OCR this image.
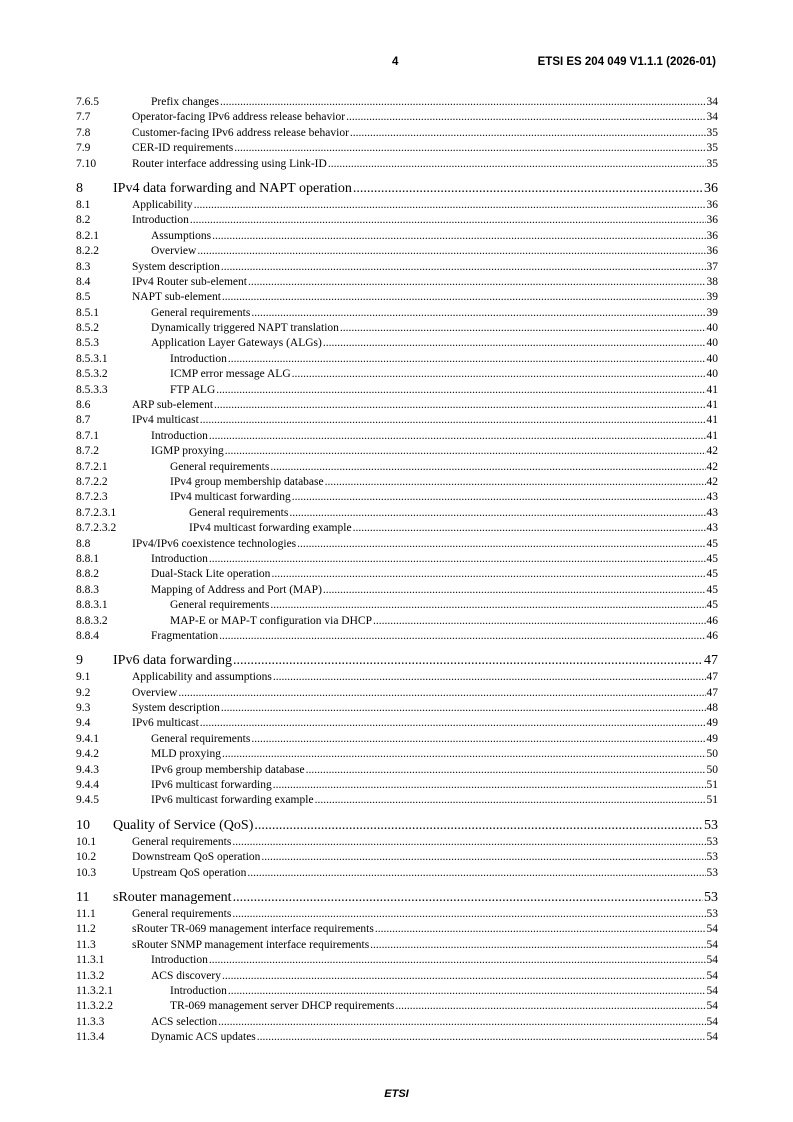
4	ETSI ES 204 049 V1.1.1 (2026-01)
7.6.5	Prefix changes .....	34
7.7	Operator-facing IPv6 address release behavior .....	34
7.8	Customer-facing IPv6 address release behavior .....	35
7.9	CER-ID requirements .....	35
7.10	Router interface addressing using Link-ID .....	35
8 IPv4 data forwarding and NAPT operation .....	36
8.1	Applicability .....	36
8.2	Introduction .....	36
8.2.1	Assumptions .....	36
8.2.2	Overview .....	36
8.3	System description .....	37
8.4	IPv4 Router sub-element .....	38
8.5	NAPT sub-element .....	39
8.5.1	General requirements .....	39
8.5.2	Dynamically triggered NAPT translation .....	40
8.5.3	Application Layer Gateways (ALGs) .....	40
8.5.3.1	Introduction .....	40
8.5.3.2	ICMP error message ALG .....	40
8.5.3.3	FTP ALG .....	41
8.6	ARP sub-element .....	41
8.7	IPv4 multicast .....	41
8.7.1	Introduction .....	41
8.7.2	IGMP proxying .....	42
8.7.2.1	General requirements .....	42
8.7.2.2	IPv4 group membership database .....	42
8.7.2.3	IPv4 multicast forwarding .....	43
8.7.2.3.1	General requirements .....	43
8.7.2.3.2	IPv4 multicast forwarding example .....	43
8.8	IPv4/IPv6 coexistence technologies .....	45
8.8.1	Introduction .....	45
8.8.2	Dual-Stack Lite operation .....	45
8.8.3	Mapping of Address and Port (MAP) .....	45
8.8.3.1	General requirements .....	45
8.8.3.2	MAP-E or MAP-T configuration via DHCP .....	46
8.8.4	Fragmentation .....	46
9 IPv6 data forwarding .....	47
9.1	Applicability and assumptions .....	47
9.2	Overview .....	47
9.3	System description .....	48
9.4	IPv6 multicast .....	49
9.4.1	General requirements .....	49
9.4.2	MLD proxying .....	50
9.4.3	IPv6 group membership database .....	50
9.4.4	IPv6 multicast forwarding .....	51
9.4.5	IPv6 multicast forwarding example .....	51
10 Quality of Service (QoS) .....	53
10.1	General requirements .....	53
10.2	Downstream QoS operation .....	53
10.3	Upstream QoS operation .....	53
11 sRouter management .....	53
11.1	General requirements .....	53
11.2	sRouter TR-069 management interface requirements .....	54
11.3	sRouter SNMP management interface requirements .....	54
11.3.1	Introduction .....	54
11.3.2	ACS discovery .....	54
11.3.2.1	Introduction .....	54
11.3.2.2	TR-069 management server DHCP requirements .....	54
11.3.3	ACS selection .....	54
11.3.4	Dynamic ACS updates .....	54
ETSI
